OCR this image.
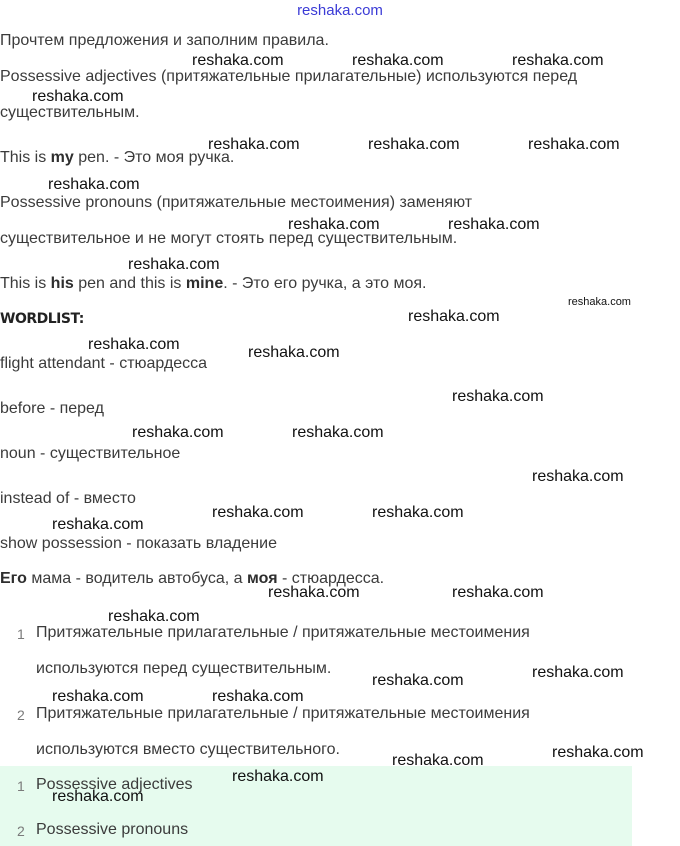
reshaka.com
Прочтем предложения и заполним правила.
Possessive adjectives (притяжательные прилагательные) используются перед
существительным.
This is my pen. - Это моя ручка.
Possessive pronouns (притяжательные местоимения) заменяют
существительное и не могут стоять перед существительным.
This is his pen and this is mine. - Это его ручка, а это моя.
WORDLIST:
flight attendant - стюардесса
before - перед
noun - существительное
instead of - вместо
show possession - показать владение
Его мама - водитель автобуса, а моя - стюардесса.
1 Притяжательные прилагательные / притяжательные местоимения
используются перед существительным.
2 Притяжательные прилагательные / притяжательные местоимения
используются вместо существительного.
1 Possessive adjectives
2 Possessive pronouns
reshaka.com	reshaka.com	reshaka.com
reshaka.com
reshaka.com	reshaka.com	reshaka.com
reshaka.com
reshaka.com	reshaka.com
reshaka.com
reshaka.com
reshaka.com
reshaka.com	reshaka.com
reshaka.com
reshaka.com	reshaka.com
reshaka.com
reshaka.com	reshaka.com
reshaka.com
reshaka.com	reshaka.com
reshaka.com
reshaka.com
reshaka.com
reshaka.com	reshaka.com
reshaka.com
reshaka.com
reshaka.com
reshaka.com
